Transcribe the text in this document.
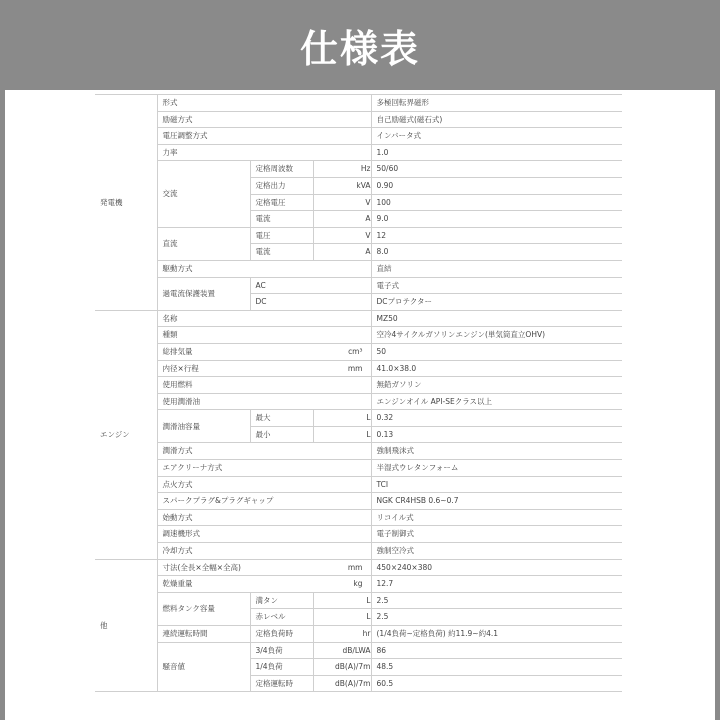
仕様表
発電機	形式			多極回転界磁形
	励磁方式			自己励磁式(磁石式)
	電圧調整方式			インバータ式
	力率			1.0
	交流	定格周波数	Hz	50/60
		定格出力	kVA	0.90
		定格電圧	V	100
		電流	A	9.0
	直流	電圧	V	12
		電流	A	8.0
	駆動方式			直結
	過電流保護装置	AC		電子式
		DC		DCプロテクター
エンジン	名称			MZ50
	種類			空冷4サイクルガソリンエンジン(単気筒直立OHV)

	総排気量 cm³			50

	内径×行程 mm			41.0×38.0
	使用燃料			無鉛ガソリン
	使用潤滑油			エンジンオイル API-SEクラス以上
	潤滑油容量	最大	L	0.32
		最小	L	0.13
	潤滑方式			強制飛沫式
	エアクリーナ方式			半湿式ウレタンフォーム
	点火方式			TCI
	スパークプラグ&プラグギャップ			NGK CR4HSB 0.6~0.7
	始動方式			リコイル式
	調速機形式			電子制御式
	冷却方式			強制空冷式
他	寸法(全長×全幅×全高) mm			450×240×380

	乾燥重量 kg			12.7
	燃料タンク容量	満タン	L	2.5
		赤レベル	L	2.5
	連続運転時間	定格負荷時	hr	(1/4負荷~定格負荷) 約11.9~約4.1
	騒音値	3/4負荷	dB/LWA	86
		1/4負荷	dB(A)/7m	48.5
		定格運転時	dB(A)/7m	60.5
